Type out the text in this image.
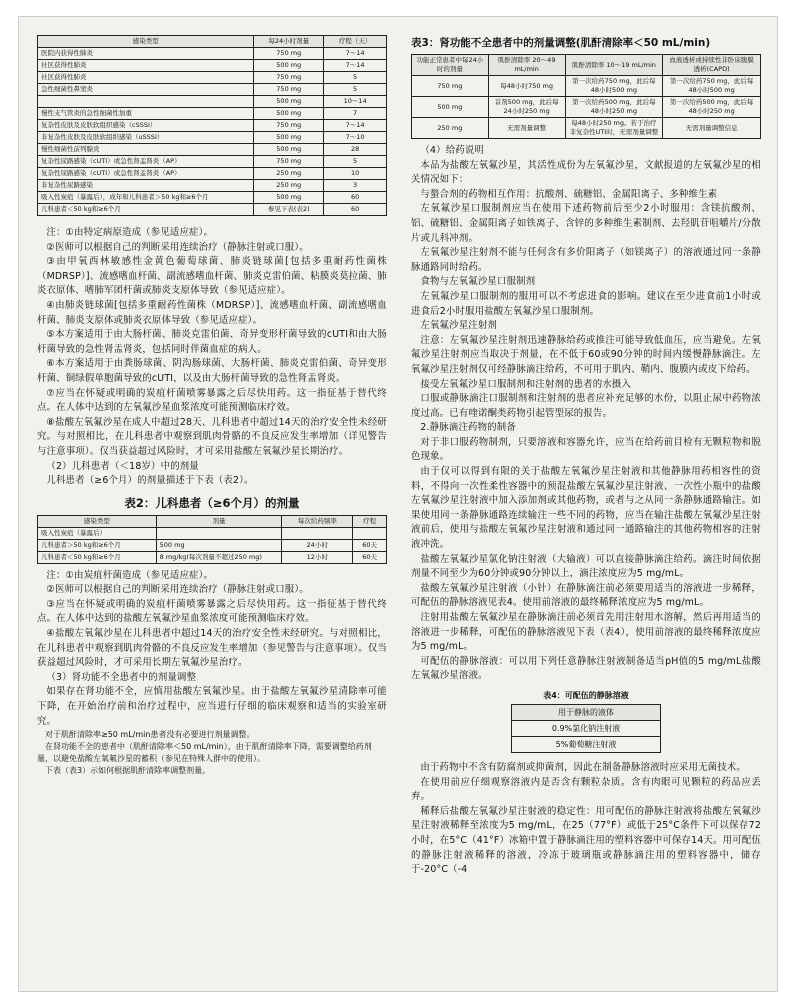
感染类型	每24小时剂量	疗程（天）
医院内获得性肺炎	750 mg	7～14
社区获得性肺炎	500 mg	7～14
社区获得性肺炎	750 mg	5
急性细菌性鼻窦炎	750 mg	5
	500 mg	10～14
慢性支气管炎的急性细菌性加重	500 mg	7
复杂性皮肤及皮肤软组织感染（cSSSI）	750 mg	7～14
非复杂性皮肤及皮肤软组织感染（uSSSI）	500 mg	7～10
慢性细菌性前列腺炎	500 mg	28
复杂性尿路感染（cUTI）或急性肾盂肾炎（AP）	750 mg	5
复杂性尿路感染（cUTI）或急性肾盂肾炎（AP）	250 mg	10
非复杂性尿路感染	250 mg	3
吸入性炭疽（暴露后），成年和儿科患者＞50 kg和≥6个月	500 mg	60
儿科患者＜50 kg和≥6个月	参见下表(表2)	60

注：①由特定病原造成（参见适应症）。

②医师可以根据自己的判断采用连续治疗（静脉注射或口服）。

③由甲氧西林敏感性金黄色葡萄球菌、肺炎链球菌[包括多重耐药性菌株（MDRSP）]、流感嗜血杆菌、副流感嗜血杆菌、肺炎克雷伯菌、粘膜炎莫拉菌、肺炎衣原体、嗜肺军团杆菌或肺炎支原体导致（参见适应症）。

④由肺炎链球菌[包括多重耐药性菌株（MDRSP）]、流感嗜血杆菌、副流感嗜血杆菌、肺炎支原体或肺炎衣原体导致（参见适应症）。

⑤本方案适用于由大肠杆菌、肺炎克雷伯菌、奇异变形杆菌导致的cUTI和由大肠杆菌导致的急性肾盂肾炎，包括同时伴菌血症的病人。

⑥本方案适用于由粪肠球菌、阴沟肠球菌、大肠杆菌、肺炎克雷伯菌、奇异变形杆菌、铜绿假单胞菌导致的cUTI，以及由大肠杆菌导致的急性肾盂肾炎。

⑦应当在怀疑或明确的炭疽杆菌喷雾暴露之后尽快用药。这一指征基于替代终点。在人体中达到的左氧氟沙星血浆浓度可能预测临床疗效。

⑧盐酸左氧氟沙星在成人中超过28天、儿科患者中超过14天的治疗安全性未经研究。与对照相比，在儿科患者中观察到肌肉骨骼的不良反应发生率增加（详见警告与注意事项）。仅当获益超过风险时，才可采用盐酸左氧氟沙星长期治疗。

（2）儿科患者（＜18岁）中的剂量

儿科患者（≥6个月）的剂量描述于下表（表2）。

表2：儿科患者（≥6个月）的剂量
感染类型	剂量	每次给药频率	疗程
吸入性炭疽（暴露后）			
儿科患者＞50 kg和≥6个月	500 mg	24小时	60天
儿科患者＜50 kg和≥6个月	8 mg/kg(每次剂量不超过250 mg)	12小时	60天

注：①由炭疽杆菌造成（参见适应症）。

②医师可以根据自己的判断采用连续治疗（静脉注射或口服）。

③应当在怀疑或明确的炭疽杆菌喷雾暴露之后尽快用药。这一指征基于替代终点。在人体中达到的盐酸左氧氟沙星血浆浓度可能预测临床疗效。

④盐酸左氧氟沙星在儿科患者中超过14天的治疗安全性未经研究。与对照相比，在儿科患者中观察到肌肉骨骼的不良反应发生率增加（参见警告与注意事项）。仅当获益超过风险时，才可采用长期左氧氟沙星治疗。

（3）肾功能不全患者中的剂量调整

如果存在肾功能不全，应慎用盐酸左氧氟沙星。由于盐酸左氧氟沙星清除率可能下降，在开始治疗前和治疗过程中，应当进行仔细的临床观察和适当的实验室研究。

对于肌酐清除率≥50 mL/min患者没有必要进行剂量调整。

在肾功能不全的患者中（肌酐清除率＜50 mL/min），由于肌酐清除率下降，需要调整给药剂量，以避免盐酸左氧氟沙星的蓄积（参见在特殊人群中的使用）。

下表（表3）示如何根据肌酐清除率调整剂量。

表3：肾功能不全患者中的剂量调整(肌酐清除率＜50 mL/min)
功能正常患者中每24小时的剂量	肌酐清除率 20～49 mL/min	肌酐清除率 10～19 mL/min	血液透析或持续性非卧床腹膜透析(CAPD)
750 mg	每48小时750 mg	第一次给药750 mg，此后每48小时500 mg	第一次给药750 mg，此后每48小时500 mg
500 mg	首剂500 mg，此后每24小时250 mg	第一次给药500 mg，此后每48小时250 mg	第一次给药500 mg，此后每48小时250 mg
250 mg	无需剂量调整	每48小时250 mg。若于治疗非复杂性UTI时，无需剂量调整	无需剂量调整信息

（4）给药说明

本品为盐酸左氧氟沙星，其活性成份为左氧氟沙星，文献报道的左氧氟沙星的相关情况如下：

与螯合剂的药物相互作用：抗酸剂、硫糖铝、金属阳离子、多种维生素

左氧氟沙星口服制剂应当在使用下述药物前后至少2小时服用：含镁抗酸剂、铝、硫糖铝、金属阳离子如铁离子、含锌的多种维生素制剂、去羟肌苷咀嚼片/分散片或儿科冲剂。

左氧氟沙星注射剂不能与任何含有多价阳离子（如镁离子）的溶液通过同一条静脉通路同时给药。

食物与左氧氟沙星口服制剂

左氧氟沙星口服制剂的服用可以不考虑进食的影响。建议在至少进食前1小时或进食后2小时服用盐酸左氧氟沙星口服制剂。

左氧氟沙星注射剂

注意：左氧氟沙星注射剂迅速静脉给药或推注可能导致低血压，应当避免。左氧氟沙星注射剂应当取决于剂量，在不低于60或90分钟的时间内缓慢静脉滴注。左氧氟沙星注射剂仅可经静脉滴注给药，不可用于肌内、鞘内、腹膜内或皮下给药。

接受左氧氟沙星口服制剂和注射剂的患者的水摄入

口服或静脉滴注口服制剂和注射剂的患者应补充足够的水份，以阻止尿中药物浓度过高。已有喹诺酮类药物引起管型尿的报告。

2.静脉滴注药物的制备

对于非口服药物制剂，只要溶液和容器允许，应当在给药前目检有无颗粒物和脱色现象。

由于仅可以得到有限的关于盐酸左氧氟沙星注射液和其他静脉用药相容性的资料，不得向一次性柔性容器中的预混盐酸左氧氟沙星注射液、一次性小瓶中的盐酸左氧氟沙星注射液中加入添加剂或其他药物，或者与之从同一条静脉通路输注。如果使用同一条静脉通路连续输注一些不同的药物，应当在输注盐酸左氧氟沙星注射液前后，使用与盐酸左氧氟沙星注射液和通过同一通路输注的其他药物相容的注射液冲洗。

盐酸左氧氟沙星氯化钠注射液（大输液）可以直接静脉滴注给药。滴注时间依据剂量不同至少为60分钟或90分钟以上，滴注浓度应为5 mg/mL。

盐酸左氧氟沙星注射液（小针）在静脉滴注前必须要用适当的溶液进一步稀释，可配伍的静脉溶液见表4。使用前溶液的最终稀释浓度应为5 mg/mL。

注射用盐酸左氧氟沙星在静脉滴注前必须首先用注射用水溶解，然后再用适当的溶液进一步稀释，可配伍的静脉溶液见下表（表4），使用前溶液的最终稀释浓度应为5 mg/mL。

可配伍的静脉溶液：可以用下列任意静脉注射液制备适当pH值的5 mg/mL盐酸左氧氟沙星溶液。

表4：可配伍的静脉溶液
用于静脉的液体
0.9%氯化钠注射液
5%葡萄糖注射液

由于药物中不含有防腐剂或抑菌剂，因此在制备静脉溶液时应采用无菌技术。

在使用前应仔细观察溶液内是否含有颗粒杂质。含有肉眼可见颗粒的药品应丢弃。

稀释后盐酸左氧氟沙星注射液的稳定性：用可配伍的静脉注射液将盐酸左氧氟沙星注射液稀释至浓度为5 mg/mL，在25（77°F）或低于25°C条件下可以保存72小时，在5°C（41°F）冰箱中置于静脉滴注用的塑料容器中可保存14天。用可配伍的静脉注射液稀释的溶液，冷冻于玻璃瓶或静脉滴注用的塑料容器中，储存于-20°C（-4
